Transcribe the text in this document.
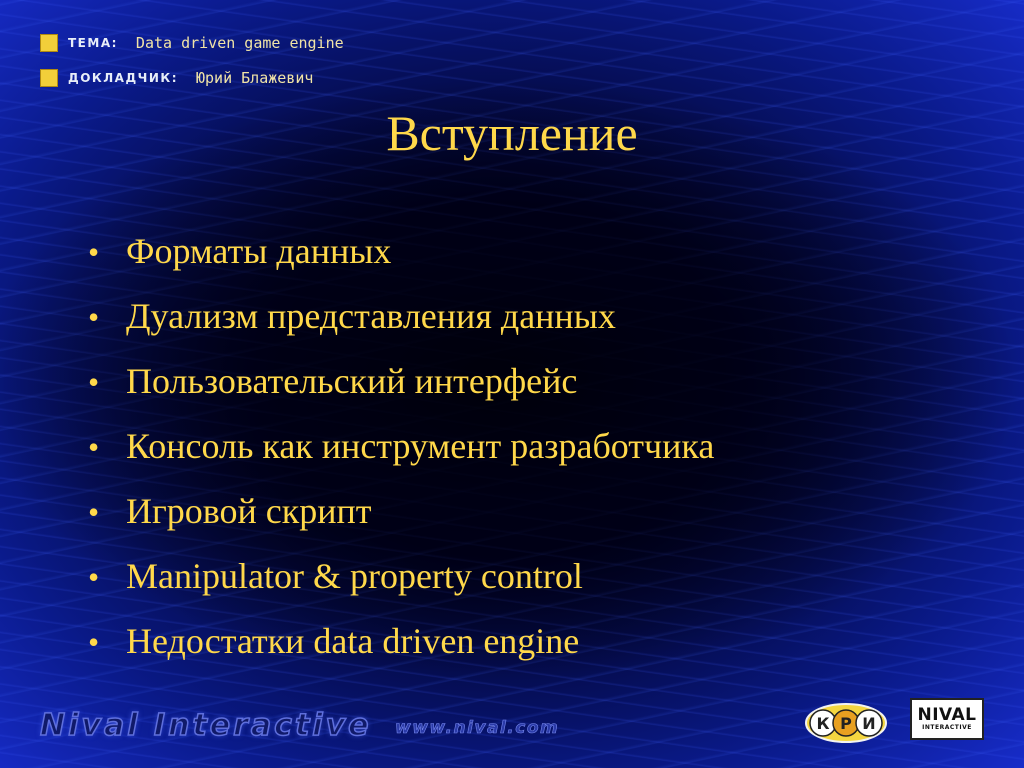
ТЕМА: Data driven game engine
ДОКЛАДЧИК: Юрий Блажевич
Вступление
• Форматы данных
• Дуализм представления данных
• Пользовательский интерфейс
• Консоль как инструмент разработчика
• Игровой скрипт
• Manipulator & property control
• Недостатки data driven engine
Nival Interactive www.nival.com	К Р И NIVAL
INTERACTIVE
